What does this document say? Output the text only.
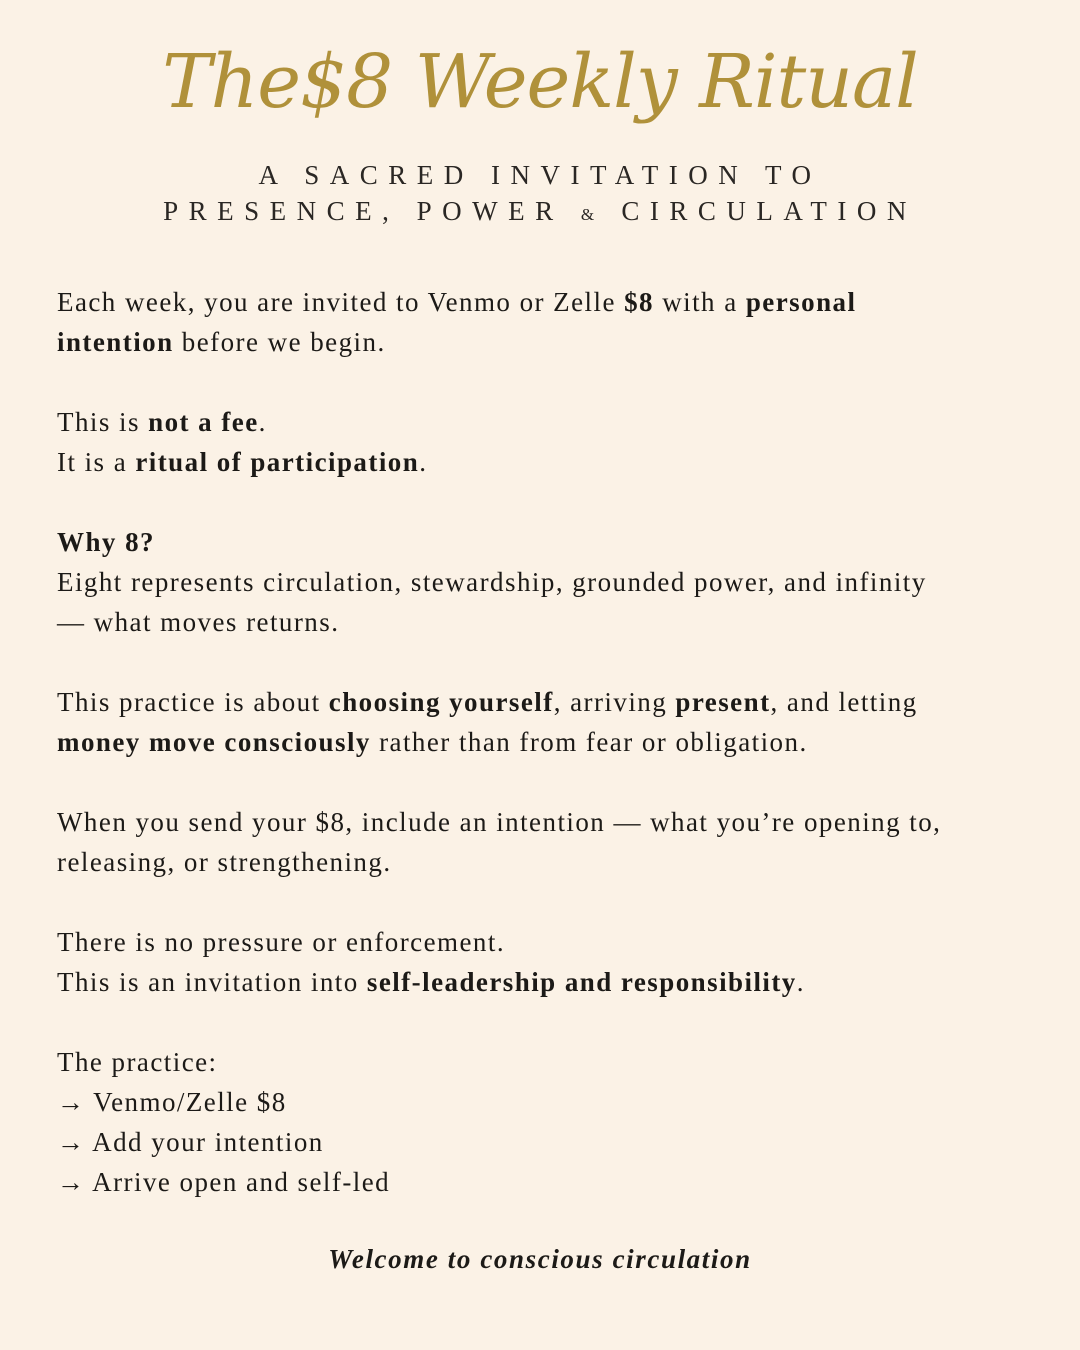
The$8 Weekly Ritual
A SACRED INVITATION TO
PRESENCE, POWER & CIRCULATION

Each week, you are invited to Venmo or Zelle $8 with a personal
intention before we begin.

This is not a fee.
It is a ritual of participation.

Why 8?
Eight represents circulation, stewardship, grounded power, and infinity
— what moves returns.

This practice is about choosing yourself, arriving present, and letting
money move consciously rather than from fear or obligation.

When you send your $8, include an intention — what you’re opening to,
releasing, or strengthening.

There is no pressure or enforcement.
This is an invitation into self-leadership and responsibility.

The practice:
→ Venmo/Zelle $8
→ Add your intention
→ Arrive open and self-led

Welcome to conscious circulation
